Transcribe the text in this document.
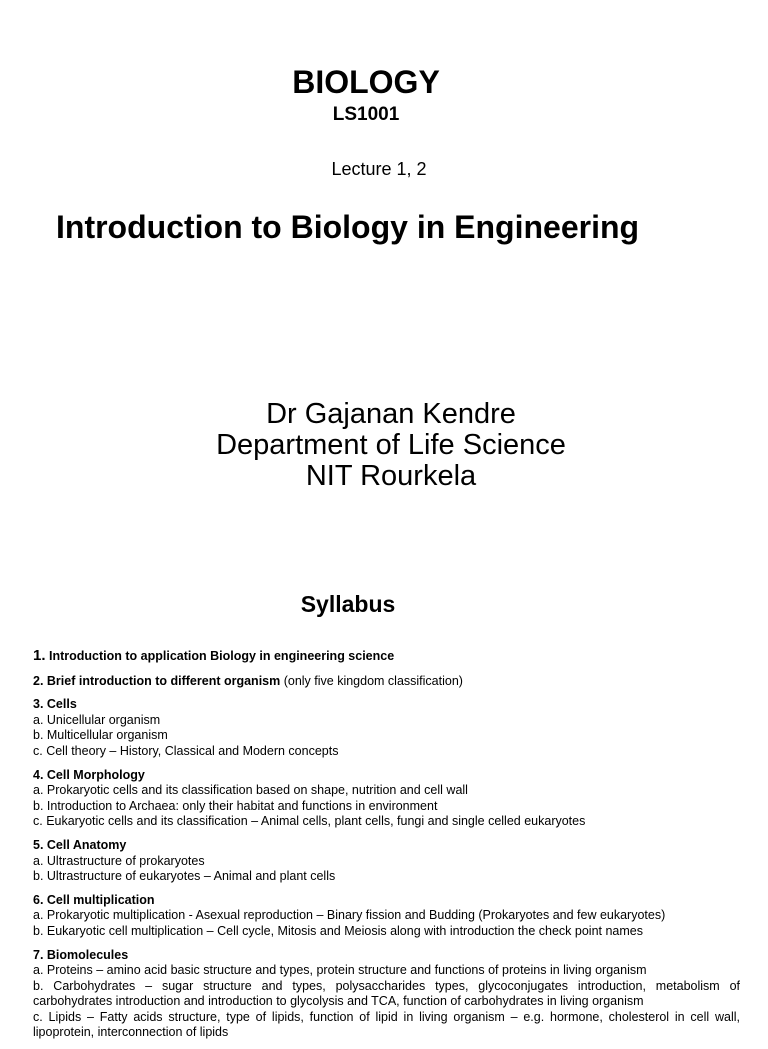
BIOLOGY
LS1001
Lecture 1, 2
Introduction to Biology in Engineering
Dr Gajanan Kendre
Department of Life Science
NIT Rourkela
Syllabus
1. Introduction to application Biology in engineering science
2. Brief introduction to different organism (only five kingdom classification)
3. Cells
a. Unicellular organism
b. Multicellular organism
c. Cell theory – History, Classical and Modern concepts
4. Cell Morphology
a. Prokaryotic cells and its classification based on shape, nutrition and cell wall
b. Introduction to Archaea: only their habitat and functions in environment
c. Eukaryotic cells and its classification – Animal cells, plant cells, fungi and single celled eukaryotes
5. Cell Anatomy
a. Ultrastructure of prokaryotes
b. Ultrastructure of eukaryotes – Animal and plant cells
6. Cell multiplication
a. Prokaryotic multiplication - Asexual reproduction – Binary fission and Budding (Prokaryotes and few eukaryotes)
b. Eukaryotic cell multiplication – Cell cycle, Mitosis and Meiosis along with introduction the check point names
7. Biomolecules
a. Proteins – amino acid basic structure and types, protein structure and functions of proteins in living organism
b. Carbohydrates – sugar structure and types, polysaccharides types, glycoconjugates introduction, metabolism of carbohydrates introduction and introduction to glycolysis and TCA, function of carbohydrates in living organism
c. Lipids – Fatty acids structure, type of lipids, function of lipid in living organism – e.g. hormone, cholesterol in cell wall, lipoprotein, interconnection of lipids
